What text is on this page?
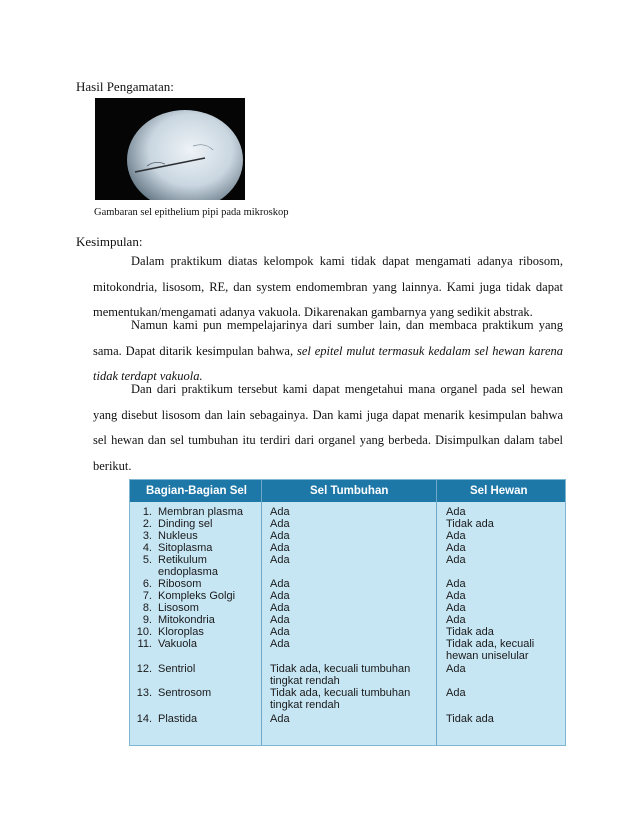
Hasil Pengamatan:
Gambaran sel epithelium pipi pada mikroskop
Kesimpulan:

Dalam praktikum diatas kelompok kami tidak dapat mengamati adanya ribosom, mitokondria, lisosom, RE, dan system endomembran yang lainnya. Kami juga tidak dapat mementukan/mengamati adanya vakuola. Dikarenakan gambarnya yang sedikit abstrak.

Namun kami pun mempelajarinya dari sumber lain, dan membaca praktikum yang sama. Dapat ditarik kesimpulan bahwa, sel epitel mulut termasuk kedalam sel hewan karena tidak terdapt vakuola.

Dan dari praktikum tersebut kami dapat mengetahui mana organel pada sel hewan yang disebut lisosom dan lain sebagainya. Dan kami juga dapat menarik kesimpulan bahwa sel hewan dan sel tumbuhan itu terdiri dari organel yang berbeda. Disimpulkan dalam tabel berikut.

Bagian-Bagian Sel	Sel Tumbuhan	Sel Hewan
1. Membran plasma Ada	Ada
2. Dinding sel	Ada	Tidak ada
3. Nukleus	Ada	Ada
4. Sitoplasma	Ada	Ada
5. Retikulum
endoplasma
Ada	Ada
6. Ribosom	Ada	Ada
7. Kompleks Golgi	Ada	Ada
8. Lisosom	Ada	Ada
9. Mitokondria	Ada	Ada
10. Kloroplas	Ada	Tidak ada
11. Vakuola	Ada	Tidak ada, kecuali
hewan uniselular
12. Sentriol	Tidak ada, kecuali tumbuhan
tingkat rendah
Ada
13. Sentrosom	Tidak ada, kecuali tumbuhan
tingkat rendah
Ada
14. Plastida	Ada	Tidak ada
